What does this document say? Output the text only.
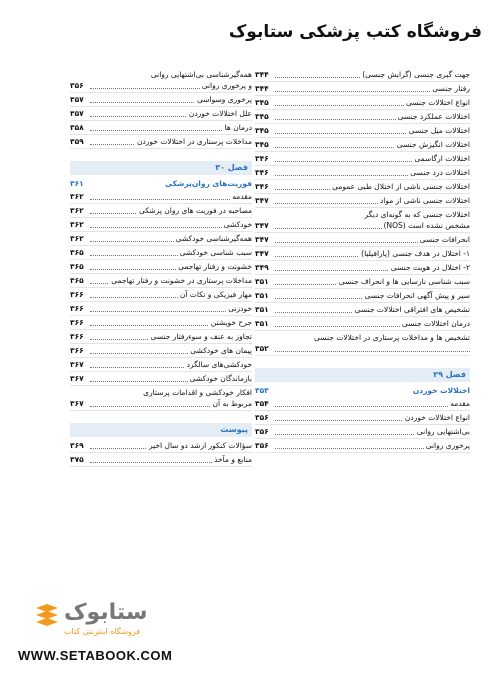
فروشگاه کتب پزشکی ستابوک
جهت گیری جنسی (گرایش جنسی)
۳۴۴
رفتار جنسی
۳۴۴
انواع اختلالات جنسی
۳۴۵
اختلالات عملکرد جنسی
۳۴۵
اختلالات میل جنسی
۳۴۵
اختلالات انگیزش جنسی
۳۴۵
اختلالات ارگاسمی
۳۴۶
اختلالات درد جنسی
۳۴۶
اختلالات جنسی ناشی از اختلال طبی عمومی
۳۴۶
اختلالات جنسی ناشی از مواد
۳۴۷
اختلالات جنسی که به گونه‌ای دیگر
مشخص نشده است (NOS)
۳۴۷
انحرافات جنسی
۳۴۷
۱- اختلال در هدف جنسی (پارافیلیا)
۳۴۷
۲- اختلال در هویت جنسی
۳۴۹
سبب شناسی نارسایی ها و انحراف جنسی
۳۵۱
سیر و پیش آگهی انحرافات جنسی
۳۵۱
تشخیص های افتراقی اختلالات جنسی
۳۵۱
درمان اختلالات جنسی
۳۵۱
تشخیص ها و مداخلات پرستاری در اختلالات جنسی
۳۵۲
فصل ۲۹
اختلالات خوردن
۳۵۳
مقدمه
۳۵۴
انواع اختلالات خوردن
۳۵۶
بی‌اشتهایی روانی
۳۵۶
پرخوری روانی
۳۵۶
همه‌گیرشناسی بی‌اشتهایی روانی
و پرخوری روانی
۳۵۶
پرخوری وسواسی
۳۵۷
علل اختلالات خوردن
۳۵۷
درمان ها
۳۵۸
مداخلات پرستاری در اختلالات خوردن
۳۵۹
فصل ۳۰
فوریت‌های روان‌پزشکی
۳۶۱
مقدمه
۳۶۲
مصاحبه در فوریت های روان پزشکی
۳۶۲
خودکشی
۳۶۲
همه‌گیرشناسی خودکشی
۳۶۲
سبب شناسی خودکشی
۳۶۵
خشونت و رفتار تهاجمی
۳۶۵
مداخلات پرستاری در خشونت و رفتار تهاجمی
۳۶۵
مهار فیزیکی و نکات آن
۳۶۶
خودزنی
۳۶۶
جرح خویشتن
۳۶۶
تجاوز به عنف و سوء‌رفتار جنسی
۳۶۶
پیمان های خودکشی
۳۶۶
خودکشی‌های سالگرد
۳۶۷
بازماندگان خودکشی
۳۶۷
افکار خودکشی و اقدامات پرستاری
مربوط به آن
۳۶۷
پیوست
سؤالات کنکور ارشد دو سال اخیر
۳۶۹
منابع و مآخذ
۳۷۵
ستابوک
فروشگاه اینترنتی کتاب
WWW.SETABOOK.COM
